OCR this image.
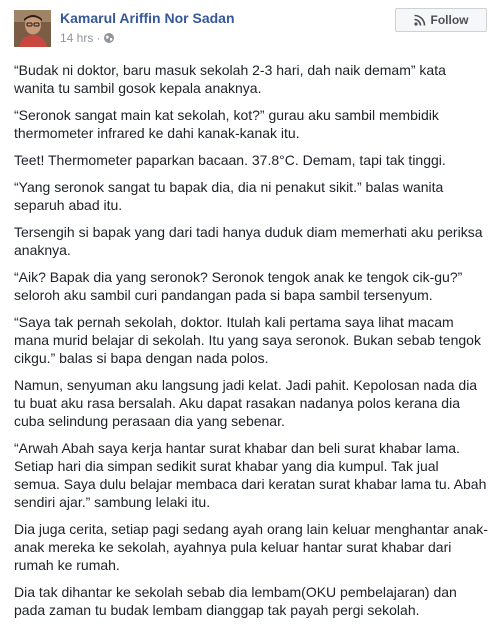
Kamarul Ariffin Nor Sadan
14 hrs ·
Follow

“Budak ni doktor, baru masuk sekolah 2-3 hari, dah naik demam” kata
wanita tu sambil gosok kepala anaknya.

“Seronok sangat main kat sekolah, kot?” gurau aku sambil membidik
thermometer infrared ke dahi kanak-kanak itu.

Teet! Thermometer paparkan bacaan. 37.8°C. Demam, tapi tak tinggi.

“Yang seronok sangat tu bapak dia, dia ni penakut sikit.” balas wanita
separuh abad itu.

Tersengih si bapak yang dari tadi hanya duduk diam memerhati aku periksa
anaknya.

“Aik? Bapak dia yang seronok? Seronok tengok anak ke tengok cik-gu?”
seloroh aku sambil curi pandangan pada si bapa sambil tersenyum.

“Saya tak pernah sekolah, doktor. Itulah kali pertama saya lihat macam
mana murid belajar di sekolah. Itu yang saya seronok. Bukan sebab tengok
cikgu.” balas si bapa dengan nada polos.

Namun, senyuman aku langsung jadi kelat. Jadi pahit. Kepolosan nada dia
tu buat aku rasa bersalah. Aku dapat rasakan nadanya polos kerana dia
cuba selindung perasaan dia yang sebenar.

“Arwah Abah saya kerja hantar surat khabar dan beli surat khabar lama.
Setiap hari dia simpan sedikit surat khabar yang dia kumpul. Tak jual
semua. Saya dulu belajar membaca dari keratan surat khabar lama tu. Abah
sendiri ajar.” sambung lelaki itu.

Dia juga cerita, setiap pagi sedang ayah orang lain keluar menghantar anak-
anak mereka ke sekolah, ayahnya pula keluar hantar surat khabar dari
rumah ke rumah.

Dia tak dihantar ke sekolah sebab dia lembam(OKU pembelajaran) dan
pada zaman tu budak lembam dianggap tak payah pergi sekolah.
